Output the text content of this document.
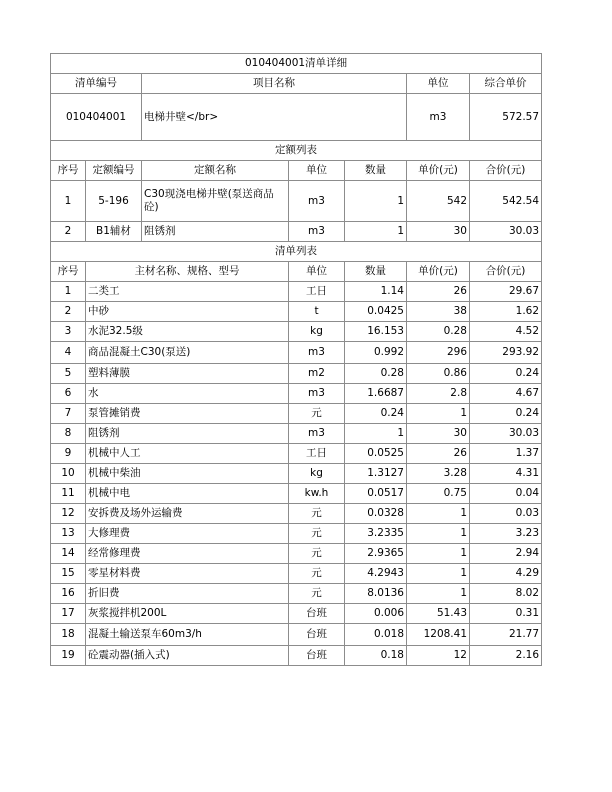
010404001清单详细						
清单编号		项目名称			单位	综合单价
010404001		电梯井壁</br>			m3	572.57
定额列表						
序号	定额编号	定额名称	单位	数量	单价(元)	合价(元)
1	5-196	C30现浇电梯井壁(泵送商品砼)	m3	1	542	542.54
2	B1辅材	阻锈剂	m3	1	30	30.03
清单列表						
序号	主材名称、规格、型号		单位	数量	单价(元)	合价(元)
1	二类工		工日	1.14	26	29.67
2	中砂		t	0.0425	38	1.62
3	水泥32.5级		kg	16.153	0.28	4.52
4	商品混凝土C30(泵送)		m3	0.992	296	293.92
5	塑料薄膜		m2	0.28	0.86	0.24
6	水		m3	1.6687	2.8	4.67
7	泵管摊销费		元	0.24	1	0.24
8	阻锈剂		m3	1	30	30.03
9	机械中人工		工日	0.0525	26	1.37
10	机械中柴油		kg	1.3127	3.28	4.31
11	机械中电		kw.h	0.0517	0.75	0.04
12	安拆费及场外运输费		元	0.0328	1	0.03
13	大修理费		元	3.2335	1	3.23
14	经常修理费		元	2.9365	1	2.94
15	零星材料费		元	4.2943	1	4.29
16	折旧费		元	8.0136	1	8.02
17	灰浆搅拌机200L		台班	0.006	51.43	0.31
18	混凝土输送泵车60m3/h		台班	0.018	1208.41	21.77
19	砼震动器(插入式)		台班	0.18	12	2.16
